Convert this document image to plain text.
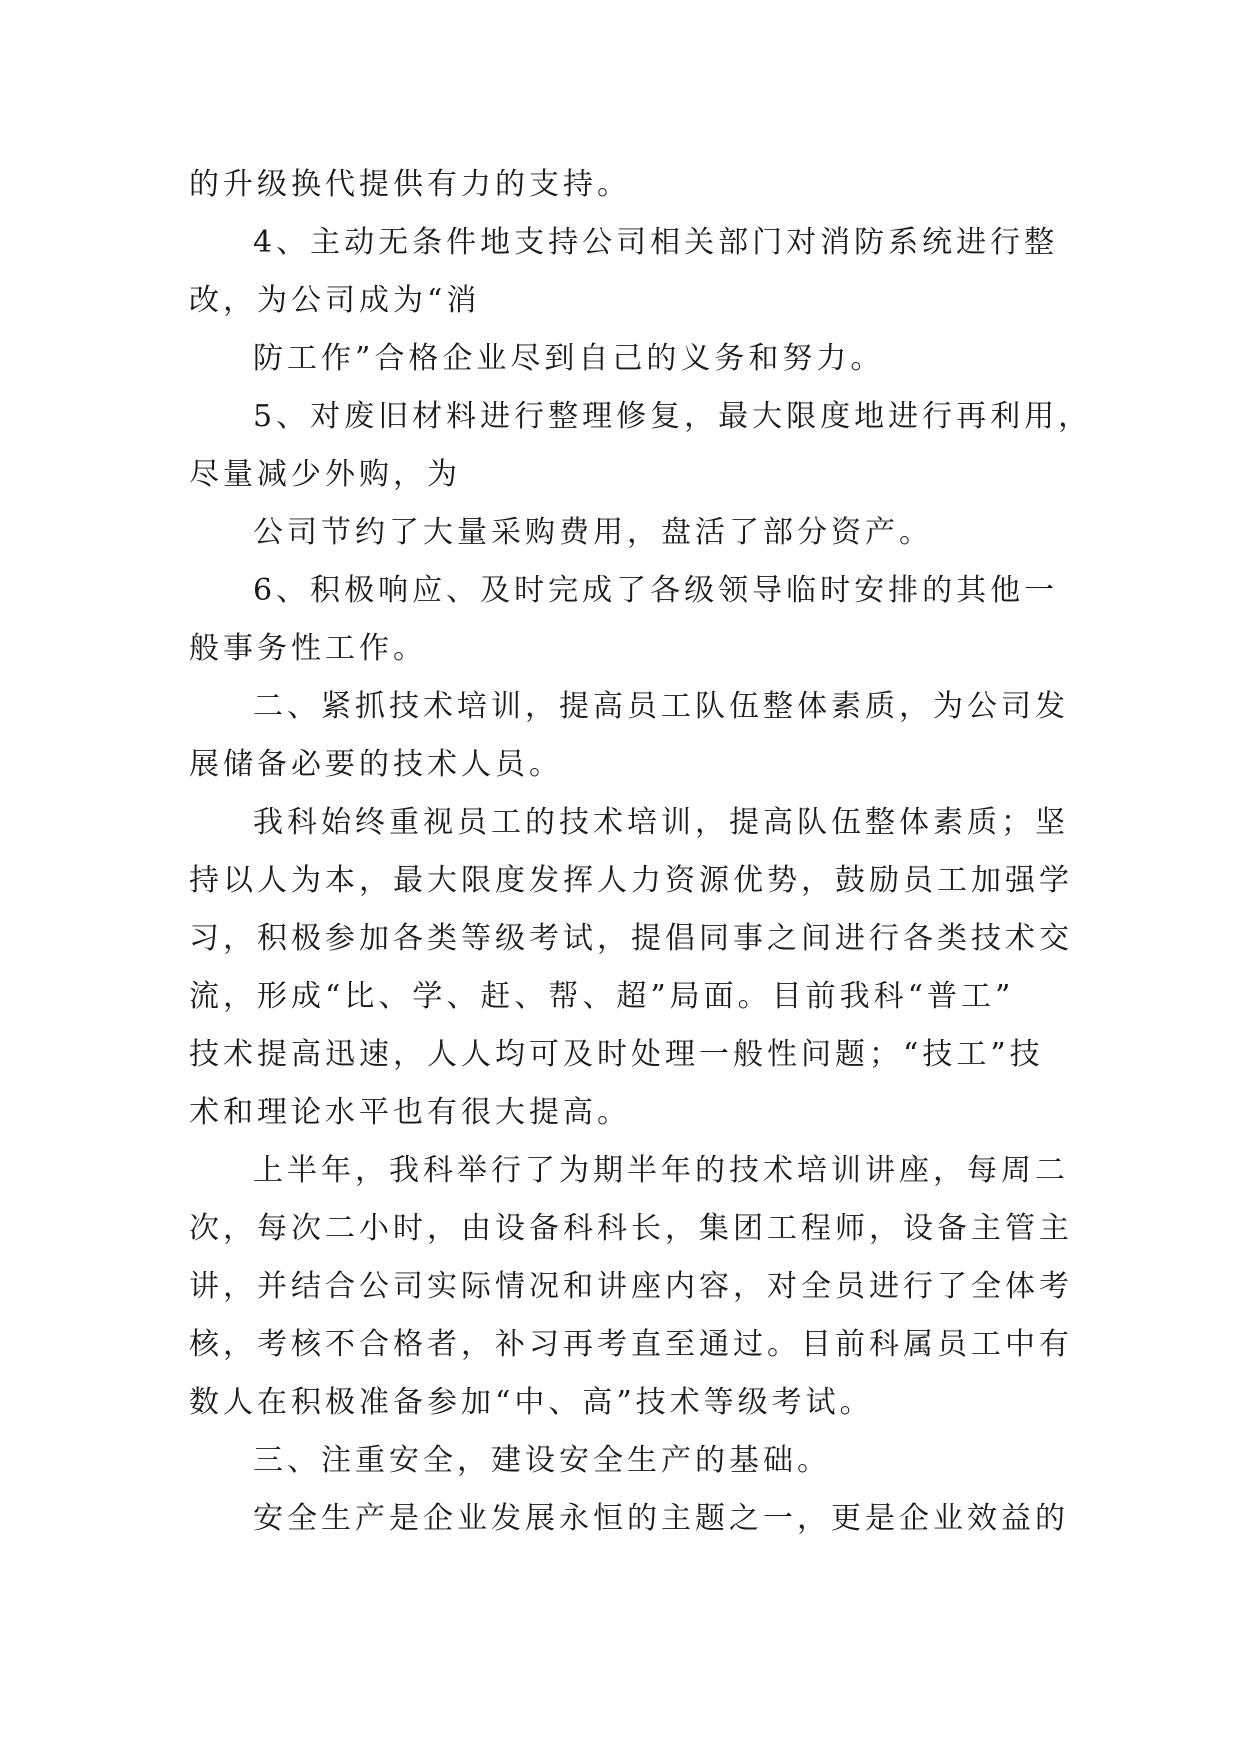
的升级换代提供有力的支持。
4、主动无条件地支持公司相关部门对消防系统进行整
改，为公司成为“消
防工作”合格企业尽到自己的义务和努力。
5、对废旧材料进行整理修复，最大限度地进行再利用，
尽量减少外购，为
公司节约了大量采购费用，盘活了部分资产。
6、积极响应、及时完成了各级领导临时安排的其他一
般事务性工作。
二、紧抓技术培训，提高员工队伍整体素质，为公司发
展储备必要的技术人员。
我科始终重视员工的技术培训，提高队伍整体素质；坚
持以人为本，最大限度发挥人力资源优势，鼓励员工加强学
习，积极参加各类等级考试，提倡同事之间进行各类技术交
流，形成“比、学、赶、帮、超”局面。目前我科“普工”
技术提高迅速，人人均可及时处理一般性问题；“技工”技
术和理论水平也有很大提高。
上半年，我科举行了为期半年的技术培训讲座，每周二
次，每次二小时，由设备科科长，集团工程师，设备主管主
讲，并结合公司实际情况和讲座内容，对全员进行了全体考
核，考核不合格者，补习再考直至通过。目前科属员工中有
数人在积极准备参加“中、高”技术等级考试。
三、注重安全，建设安全生产的基础。
安全生产是企业发展永恒的主题之一，更是企业效益的
